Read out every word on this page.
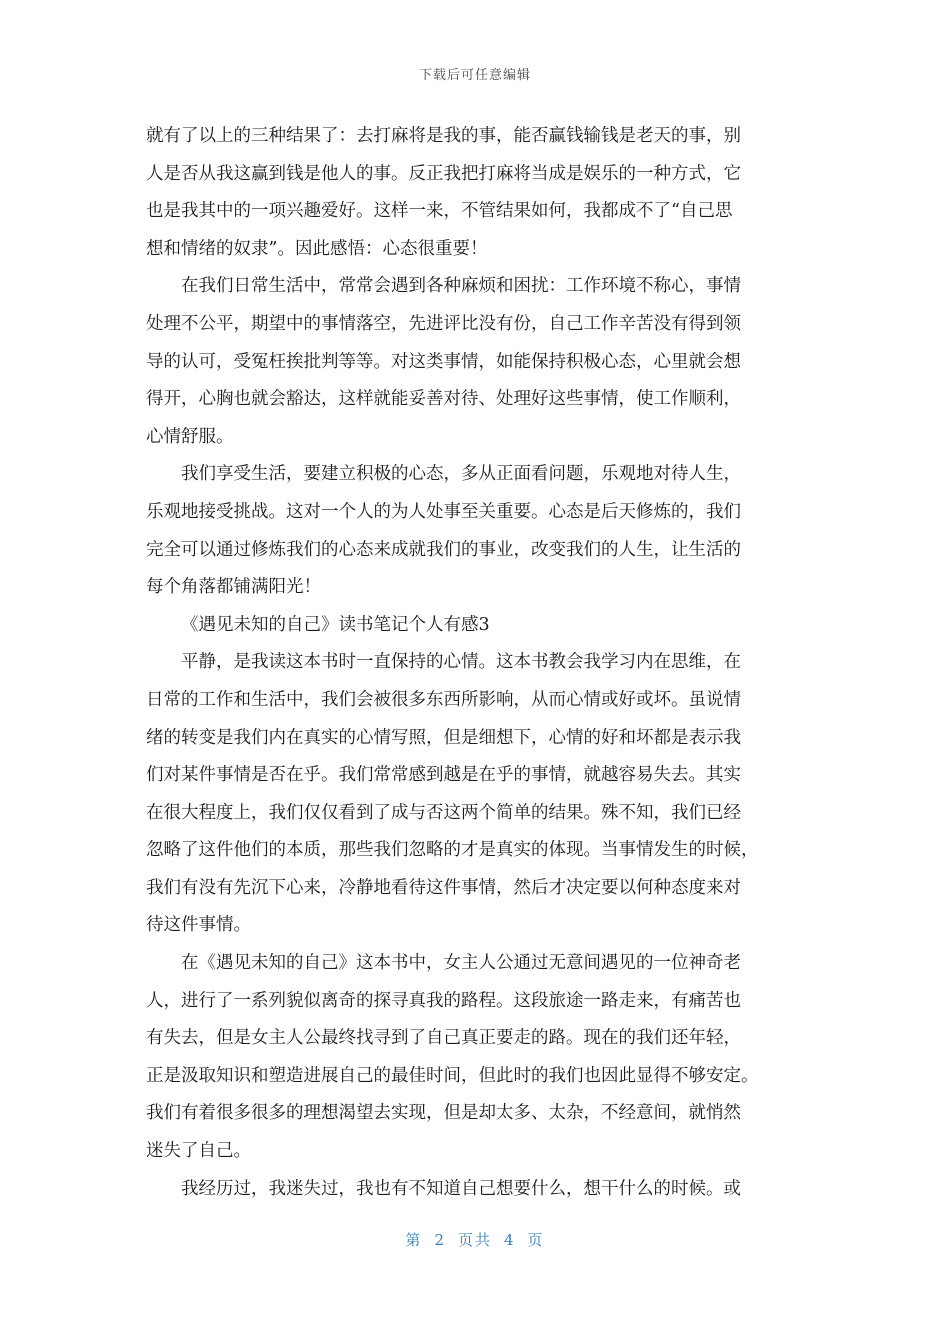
下载后可任意编辑

就有了以上的三种结果了：去打麻将是我的事，能否赢钱输钱是老天的事，别
人是否从我这赢到钱是他人的事。反正我把打麻将当成是娱乐的一种方式，它
也是我其中的一项兴趣爱好。这样一来，不管结果如何，我都成不了“自己思
想和情绪的奴隶”。因此感悟：心态很重要！

在我们日常生活中，常常会遇到各种麻烦和困扰：工作环境不称心，事情
处理不公平，期望中的事情落空，先进评比没有份，自己工作辛苦没有得到领
导的认可，受冤枉挨批判等等。对这类事情，如能保持积极心态，心里就会想
得开，心胸也就会豁达，这样就能妥善对待、处理好这些事情，使工作顺利，
心情舒服。

我们享受生活，要建立积极的心态，多从正面看问题，乐观地对待人生，
乐观地接受挑战。这对一个人的为人处事至关重要。心态是后天修炼的，我们
完全可以通过修炼我们的心态来成就我们的事业，改变我们的人生，让生活的
每个角落都铺满阳光！

《遇见未知的自己》读书笔记个人有感3

平静，是我读这本书时一直保持的心情。这本书教会我学习内在思维，在
日常的工作和生活中，我们会被很多东西所影响，从而心情或好或坏。虽说情
绪的转变是我们内在真实的心情写照，但是细想下，心情的好和坏都是表示我
们对某件事情是否在乎。我们常常感到越是在乎的事情，就越容易失去。其实
在很大程度上，我们仅仅看到了成与否这两个简单的结果。殊不知，我们已经
忽略了这件他们的本质，那些我们忽略的才是真实的体现。当事情发生的时候，
我们有没有先沉下心来，冷静地看待这件事情，然后才决定要以何种态度来对
待这件事情。

在《遇见未知的自己》这本书中，女主人公通过无意间遇见的一位神奇老
人，进行了一系列貌似离奇的探寻真我的路程。这段旅途一路走来，有痛苦也
有失去，但是女主人公最终找寻到了自己真正要走的路。现在的我们还年轻，
正是汲取知识和塑造进展自己的最佳时间，但此时的我们也因此显得不够安定。
我们有着很多很多的理想渴望去实现，但是却太多、太杂，不经意间，就悄然
迷失了自己。

我经历过，我迷失过，我也有不知道自己想要什么，想干什么的时候。或

第 2 页共 4 页
